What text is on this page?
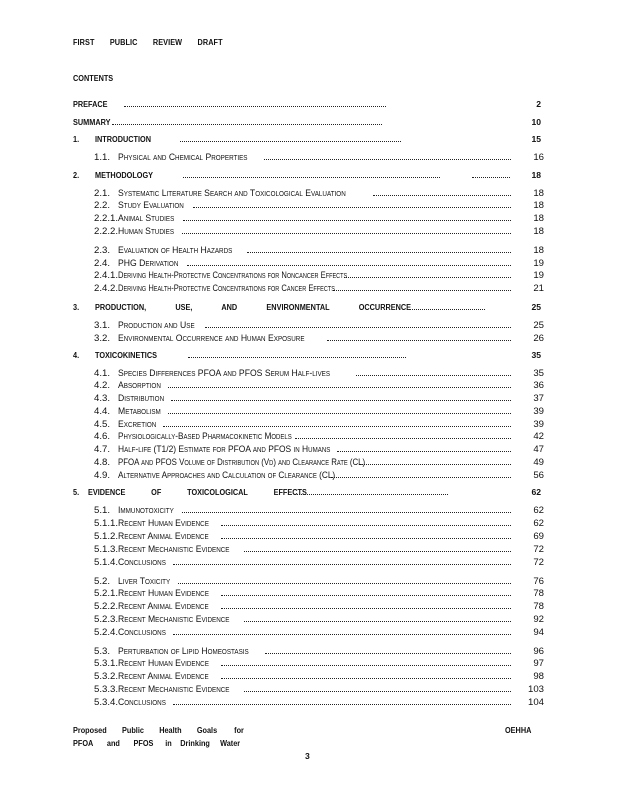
FIRST PUBLIC REVIEW DRAFT
CONTENTS
PREFACE	2
SUMMARY	10
1. INTRODUCTION	15
1.1. Physical and Chemical Properties	16
2. METHODOLOGY	18
2.1. Systematic Literature Search and Toxicological Evaluation	18
2.2. Study Evaluation	18
2.2.1. Animal Studies	18
2.2.2. Human Studies	18
2.3. Evaluation of Health Hazards	18
2.4. PHG Derivation	19
2.4.1. Deriving Health-Protective Concentrations for Noncancer Effects	19
2.4.2. Deriving Health-Protective Concentrations for Cancer Effects	21
3. PRODUCTION, USE, AND ENVIRONMENTAL OCCURRENCE	25
3.1. Production and Use	25
3.2. Environmental Occurrence and Human Exposure	26
4. TOXICOKINETICS	35
4.1. Species Differences PFOA and PFOS Serum Half-lives	35
4.2. Absorption	36
4.3. Distribution	37
4.4. Metabolism	39
4.5. Excretion	39
4.6. Physiologically-Based Pharmacokinetic Models	42
4.7. Half-life (T1/2) Estimate for PFOA and PFOS in Humans	47
4.8. PFOA and PFOS Volume of Distribution (Vd) and Clearance Rate (CL)	49
4.9. Alternative Approaches and Calculation of Clearance (CL)	56
5. EVIDENCE OF TOXICOLOGICAL EFFECTS	62
5.1. Immunotoxicity	62
5.1.1. Recent Human Evidence	62
5.1.2. Recent Animal Evidence	69
5.1.3. Recent Mechanistic Evidence	72
5.1.4. Conclusions	72
5.2. Liver Toxicity	76
5.2.1. Recent Human Evidence	78
5.2.2. Recent Animal Evidence	78
5.2.3. Recent Mechanistic Evidence	92
5.2.4. Conclusions	94
5.3. Perturbation of Lipid Homeostasis	96
5.3.1. Recent Human Evidence	97
5.3.2. Recent Animal Evidence	98
5.3.3. Recent Mechanistic Evidence	103
5.3.4. Conclusions	104
Proposed Public Health Goals for
PFOA and PFOS in Drinking Water
OEHHA
3
